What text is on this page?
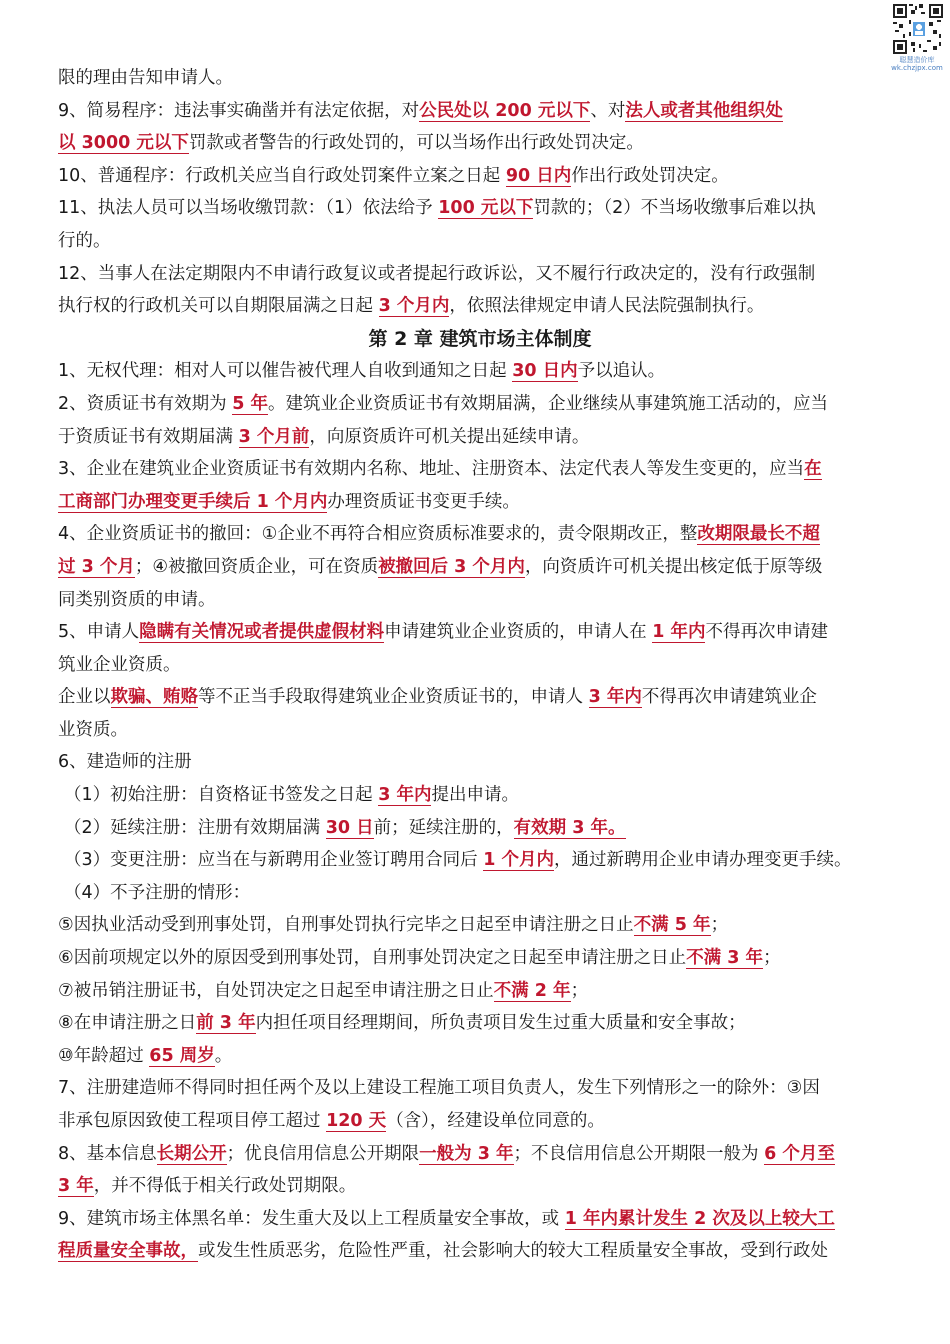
聪慧造价库
wk.chzjpx.com
限的理由告知申请人。
9、简易程序：违法事实确凿并有法定依据，对公民处以 200 元以下、对法人或者其他组织处
以 3000 元以下罚款或者警告的行政处罚的，可以当场作出行政处罚决定。
10、普通程序：行政机关应当自行政处罚案件立案之日起 90 日内作出行政处罚决定。
11、执法人员可以当场收缴罚款：（1）依法给予 100 元以下罚款的；（2）不当场收缴事后难以执
行的。
12、当事人在法定期限内不申请行政复议或者提起行政诉讼，又不履行行政决定的，没有行政强制
执行权的行政机关可以自期限届满之日起 3 个月内，依照法律规定申请人民法院强制执行。
第 2 章 建筑市场主体制度
1、无权代理：相对人可以催告被代理人自收到通知之日起 30 日内予以追认。
2、资质证书有效期为 5 年。建筑业企业资质证书有效期届满，企业继续从事建筑施工活动的，应当
于资质证书有效期届满 3 个月前，向原资质许可机关提出延续申请。
3、企业在建筑业企业资质证书有效期内名称、地址、注册资本、法定代表人等发生变更的，应当在
工商部门办理变更手续后 1 个月内办理资质证书变更手续。
4、企业资质证书的撤回：①企业不再符合相应资质标准要求的，责令限期改正，整改期限最长不超
过 3 个月；④被撤回资质企业，可在资质被撤回后 3 个月内，向资质许可机关提出核定低于原等级
同类别资质的申请。
5、申请人隐瞒有关情况或者提供虚假材料申请建筑业企业资质的，申请人在 1 年内不得再次申请建
筑业企业资质。
企业以欺骗、贿赂等不正当手段取得建筑业企业资质证书的，申请人 3 年内不得再次申请建筑业企
业资质。
6、建造师的注册
（1）初始注册：自资格证书签发之日起 3 年内提出申请。
（2）延续注册：注册有效期届满 30 日前；延续注册的，有效期 3 年。
（3）变更注册：应当在与新聘用企业签订聘用合同后 1 个月内，通过新聘用企业申请办理变更手续。
（4）不予注册的情形：
⑤因执业活动受到刑事处罚，自刑事处罚执行完毕之日起至申请注册之日止不满 5 年；
⑥因前项规定以外的原因受到刑事处罚，自刑事处罚决定之日起至申请注册之日止不满 3 年；
⑦被吊销注册证书，自处罚决定之日起至申请注册之日止不满 2 年；
⑧在申请注册之日前 3 年内担任项目经理期间，所负责项目发生过重大质量和安全事故；
⑩年龄超过 65 周岁。
7、注册建造师不得同时担任两个及以上建设工程施工项目负责人，发生下列情形之一的除外：③因
非承包原因致使工程项目停工超过 120 天（含），经建设单位同意的。
8、基本信息长期公开；优良信用信息公开期限一般为 3 年；不良信用信息公开期限一般为 6 个月至
3 年，并不得低于相关行政处罚期限。
9、建筑市场主体黑名单：发生重大及以上工程质量安全事故，或 1 年内累计发生 2 次及以上较大工
程质量安全事故，或发生性质恶劣，危险性严重，社会影响大的较大工程质量安全事故，受到行政处
